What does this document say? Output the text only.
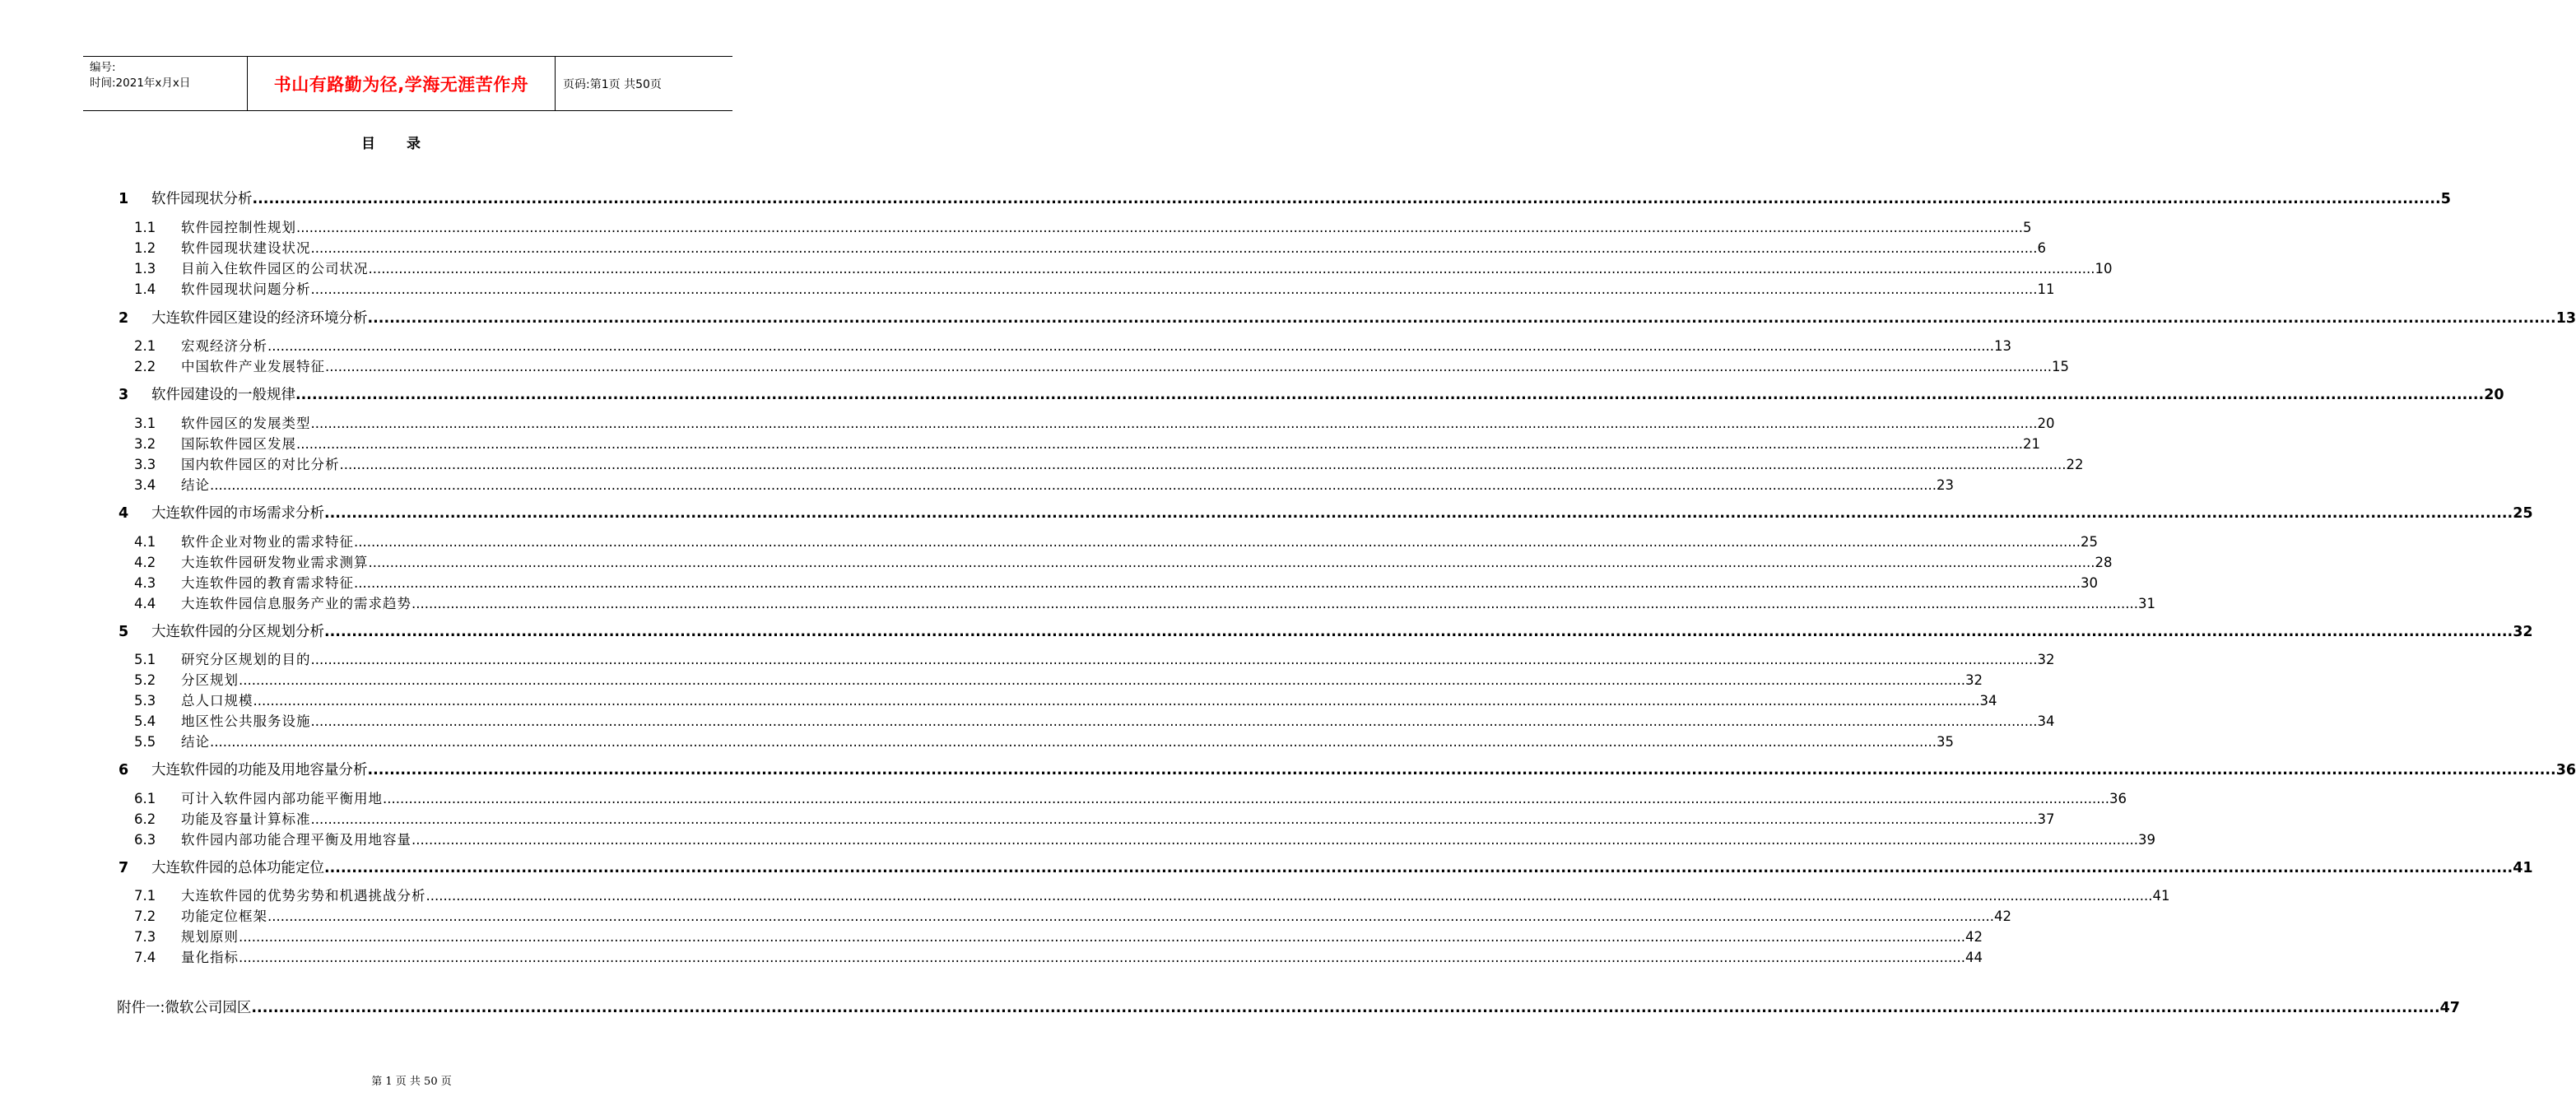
编号:
时间:2021年x月x日	书山有路勤为径,学海无涯苦作舟	页码:第1页 共50页
目 录
1	软件园现状分析 ................................................................................................................................................................................................................................................................................................................................................................................................................ 5
1.1	软件园控制性规划 ................................................................................................................................................................................................................................................................................................................................................................................................................ 5
1.2	软件园现状建设状况 ................................................................................................................................................................................................................................................................................................................................................................................................................ 6
1.3	目前入住软件园区的公司状况 ................................................................................................................................................................................................................................................................................................................................................................................................................ 10
1.4	软件园现状问题分析 ................................................................................................................................................................................................................................................................................................................................................................................................................ 11
2	大连软件园区建设的经济环境分析 ................................................................................................................................................................................................................................................................................................................................................................................................................ 13
2.1	宏观经济分析 ................................................................................................................................................................................................................................................................................................................................................................................................................ 13
2.2	中国软件产业发展特征 ................................................................................................................................................................................................................................................................................................................................................................................................................ 15
3	软件园建设的一般规律 ................................................................................................................................................................................................................................................................................................................................................................................................................ 20
3.1	软件园区的发展类型 ................................................................................................................................................................................................................................................................................................................................................................................................................ 20
3.2	国际软件园区发展 ................................................................................................................................................................................................................................................................................................................................................................................................................ 21
3.3	国内软件园区的对比分析 ................................................................................................................................................................................................................................................................................................................................................................................................................ 22
3.4	结论 ................................................................................................................................................................................................................................................................................................................................................................................................................ 23
4	大连软件园的市场需求分析 ................................................................................................................................................................................................................................................................................................................................................................................................................ 25
4.1	软件企业对物业的需求特征 ................................................................................................................................................................................................................................................................................................................................................................................................................ 25
4.2	大连软件园研发物业需求测算 ................................................................................................................................................................................................................................................................................................................................................................................................................ 28
4.3	大连软件园的教育需求特征 ................................................................................................................................................................................................................................................................................................................................................................................................................ 30
4.4	大连软件园信息服务产业的需求趋势 ................................................................................................................................................................................................................................................................................................................................................................................................................ 31
5	大连软件园的分区规划分析 ................................................................................................................................................................................................................................................................................................................................................................................................................ 32
5.1	研究分区规划的目的 ................................................................................................................................................................................................................................................................................................................................................................................................................ 32
5.2	分区规划 ................................................................................................................................................................................................................................................................................................................................................................................................................ 32
5.3	总人口规模 ................................................................................................................................................................................................................................................................................................................................................................................................................ 34
5.4	地区性公共服务设施 ................................................................................................................................................................................................................................................................................................................................................................................................................ 34
5.5	结论 ................................................................................................................................................................................................................................................................................................................................................................................................................ 35
6	大连软件园的功能及用地容量分析 ................................................................................................................................................................................................................................................................................................................................................................................................................ 36
6.1	可计入软件园内部功能平衡用地 ................................................................................................................................................................................................................................................................................................................................................................................................................ 36
6.2	功能及容量计算标准 ................................................................................................................................................................................................................................................................................................................................................................................................................ 37
6.3	软件园内部功能合理平衡及用地容量 ................................................................................................................................................................................................................................................................................................................................................................................................................ 39
7	大连软件园的总体功能定位 ................................................................................................................................................................................................................................................................................................................................................................................................................ 41
7.1	大连软件园的优势劣势和机遇挑战分析 ................................................................................................................................................................................................................................................................................................................................................................................................................ 41
7.2	功能定位框架 ................................................................................................................................................................................................................................................................................................................................................................................................................ 42
7.3	规划原则 ................................................................................................................................................................................................................................................................................................................................................................................................................ 42
7.4	量化指标 ................................................................................................................................................................................................................................................................................................................................................................................................................ 44
附件一:微软公司园区 ................................................................................................................................................................................................................................................................................................................................................................................................................ 47
第 1 页 共 50 页
